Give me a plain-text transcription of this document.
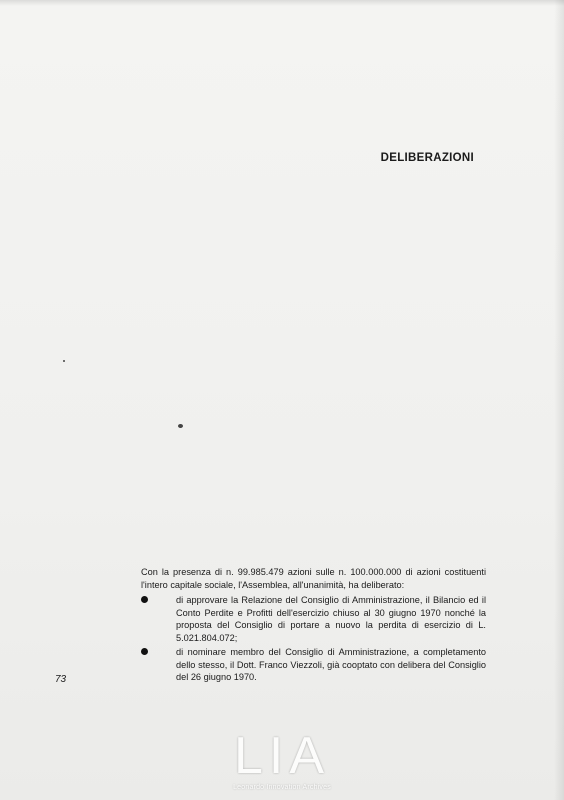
DELIBERAZIONI
Con la presenza di n. 99.985.479 azioni sulle n. 100.000.000 di azioni costituenti l'intero capitale sociale, l'Assemblea, all'unanimità, ha deliberato:
di approvare la Relazione del Consiglio di Amministrazione, il Bilancio ed il Conto Perdite e Profitti dell'esercizio chiuso al 30 giugno 1970 nonché la proposta del Consiglio di portare a nuovo la perdita di esercizio di L. 5.021.804.072;
di nominare membro del Consiglio di Amministrazione, a completamento dello stesso, il Dott. Franco Viezzoli, già cooptato con delibera del Consiglio del 26 giugno 1970.
73
LIA
Leonardo Innovation Archives
